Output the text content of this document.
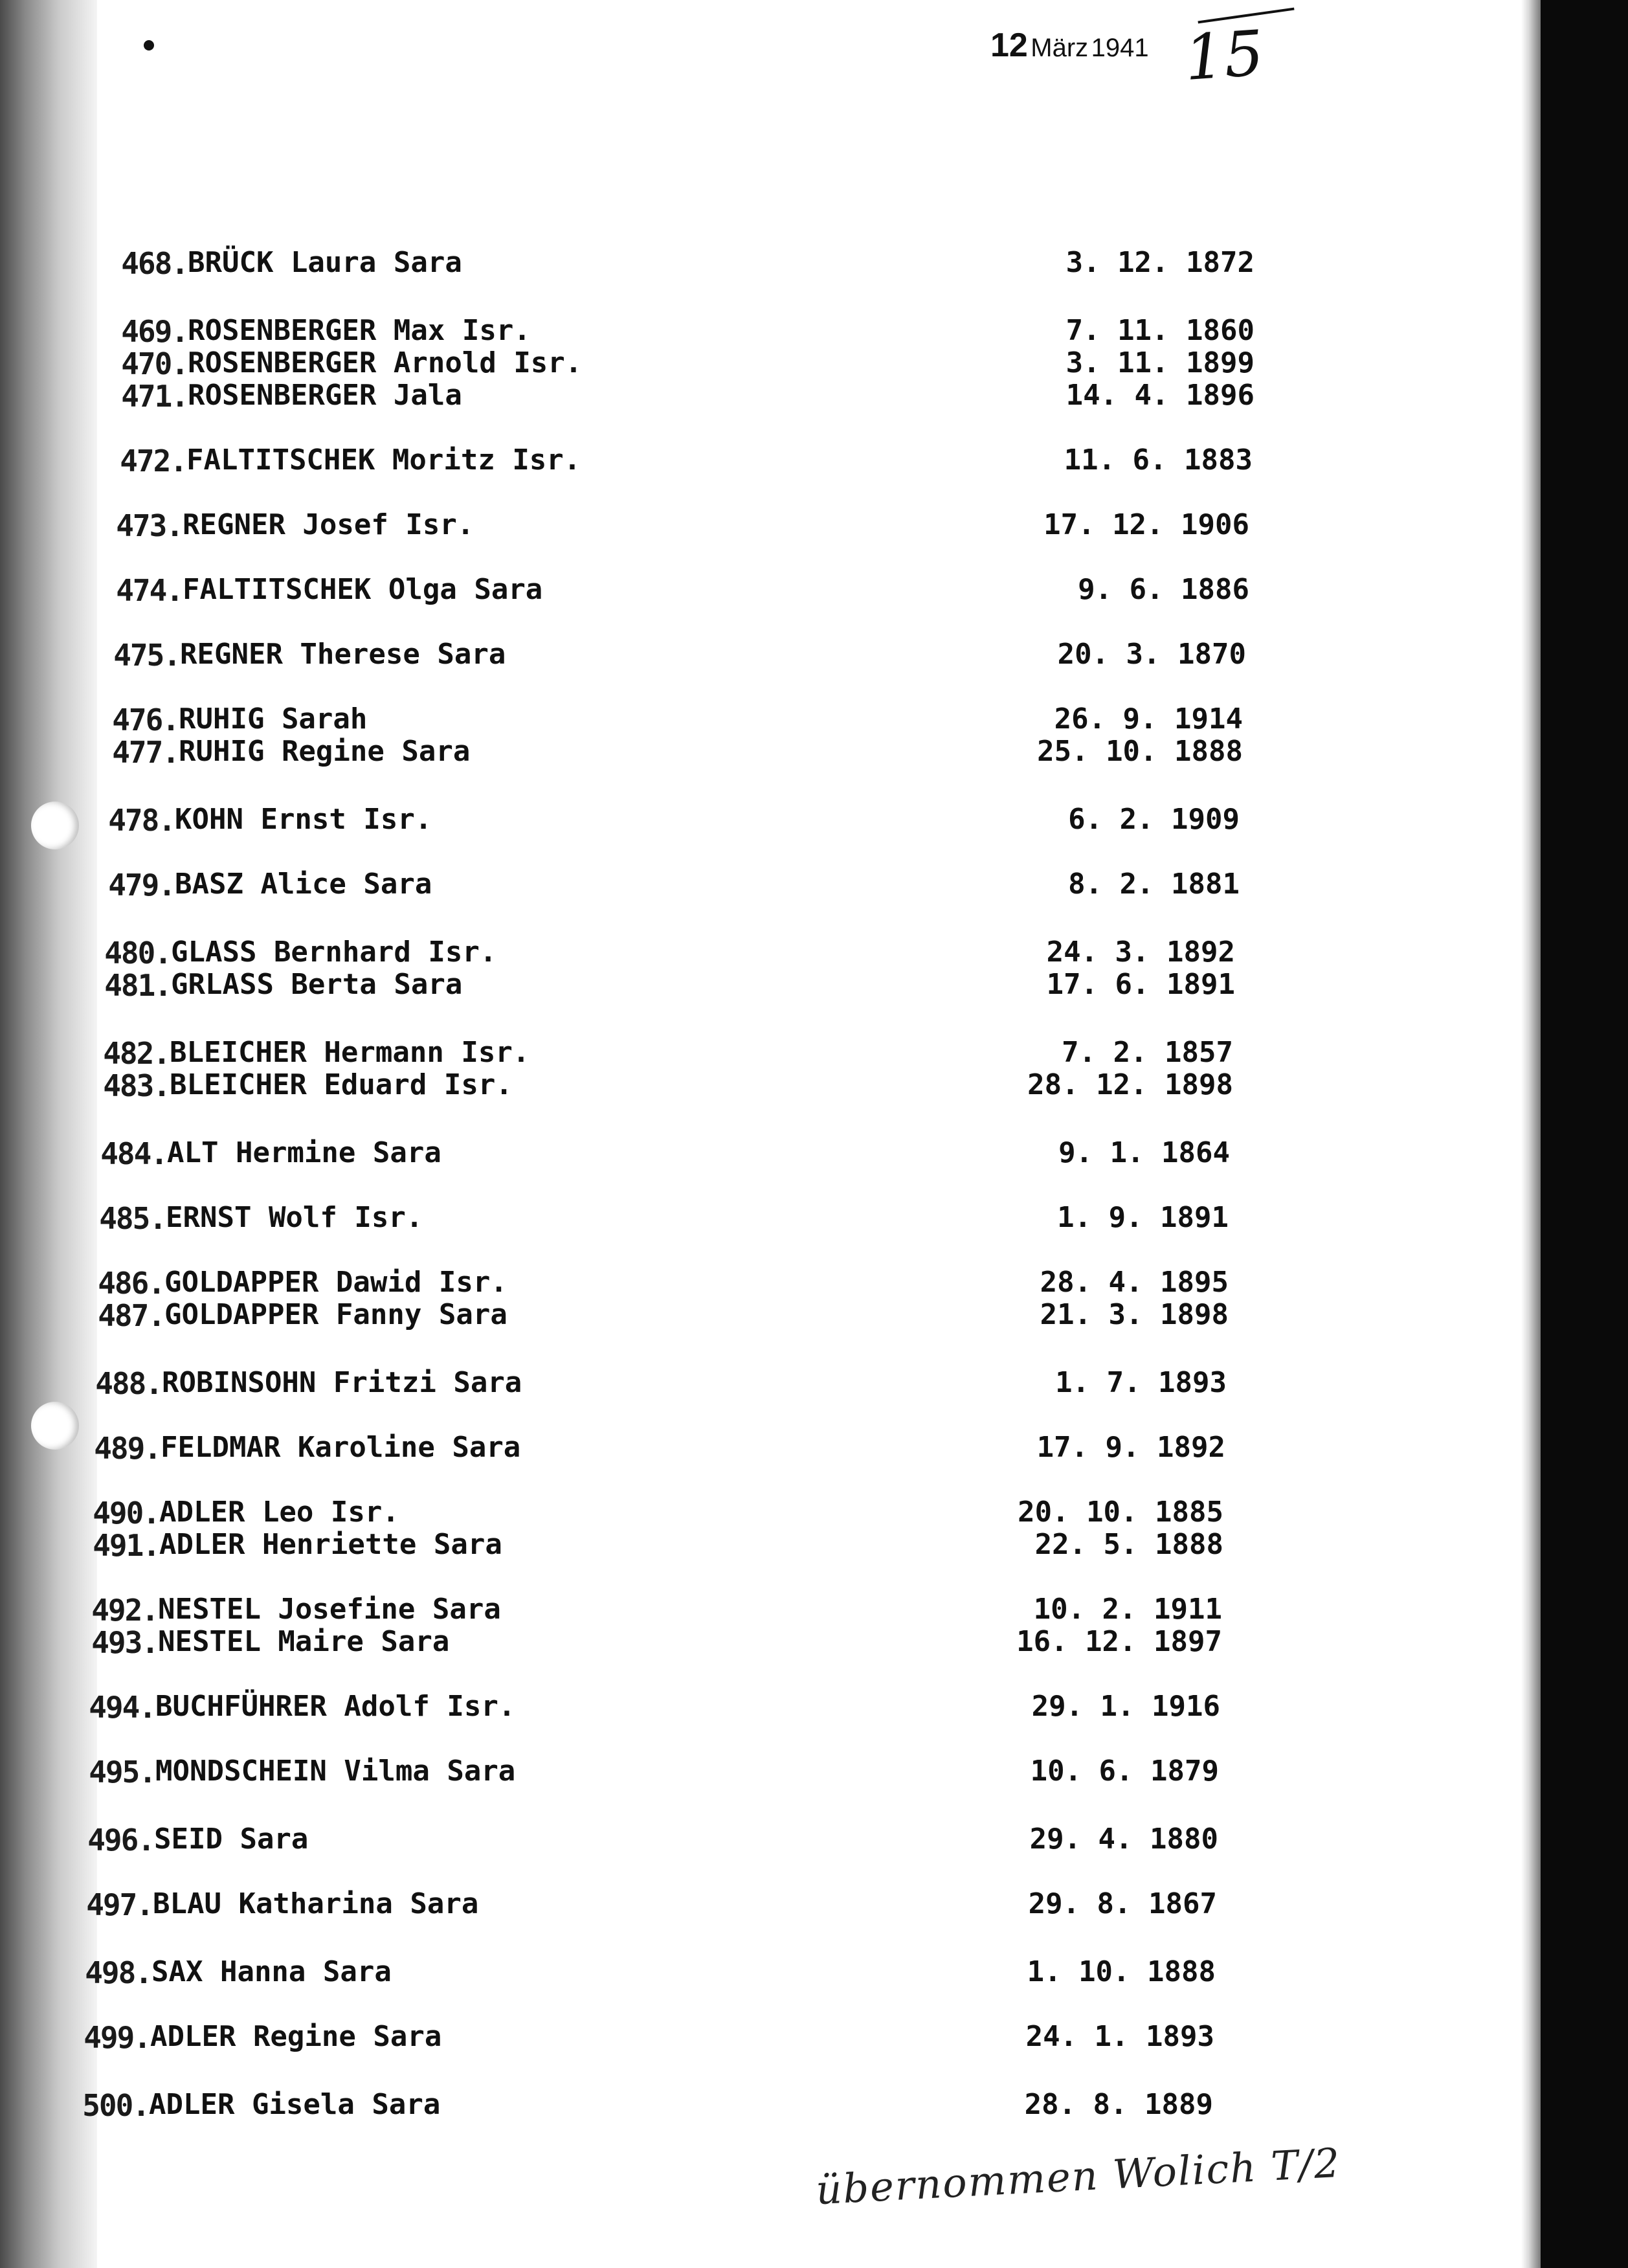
12 März 1941 15
468. BRÜCK Laura Sara	3. 12. 1872
469. ROSENBERGER Max Isr.	7. 11. 1860
470. ROSENBERGER Arnold Isr.	3. 11. 1899
471. ROSENBERGER Jala	14. 4. 1896
472. FALTITSCHEK Moritz Isr.	11. 6. 1883
473. REGNER Josef Isr.	17. 12. 1906
474. FALTITSCHEK Olga Sara	9. 6. 1886
475. REGNER Therese Sara	20. 3. 1870
476. RUHIG Sarah	26. 9. 1914
477. RUHIG Regine Sara	25. 10. 1888
478. KOHN Ernst Isr.	6. 2. 1909
479. BASZ Alice Sara	8. 2. 1881
480. GLASS Bernhard Isr.	24. 3. 1892
481. GRLASS Berta Sara	17. 6. 1891
482. BLEICHER Hermann Isr.	7. 2. 1857
483. BLEICHER Eduard Isr.	28. 12. 1898
484. ALT Hermine Sara	9. 1. 1864
485. ERNST Wolf Isr.	1. 9. 1891
486. GOLDAPPER Dawid Isr.	28. 4. 1895
487. GOLDAPPER Fanny Sara	21. 3. 1898
488. ROBINSOHN Fritzi Sara	1. 7. 1893
489. FELDMAR Karoline Sara	17. 9. 1892
490. ADLER Leo Isr.	20. 10. 1885
491. ADLER Henriette Sara	22. 5. 1888
492. NESTEL Josefine Sara	10. 2. 1911
493. NESTEL Maire Sara	16. 12. 1897
494. BUCHFÜHRER Adolf Isr.	29. 1. 1916
495. MONDSCHEIN Vilma Sara	10. 6. 1879
496. SEID Sara	29. 4. 1880
497. BLAU Katharina Sara	29. 8. 1867
498. SAX Hanna Sara	1. 10. 1888
499. ADLER Regine Sara	24. 1. 1893
500. ADLER Gisela Sara	28. 8. 1889
übernommen Wolich T/2
